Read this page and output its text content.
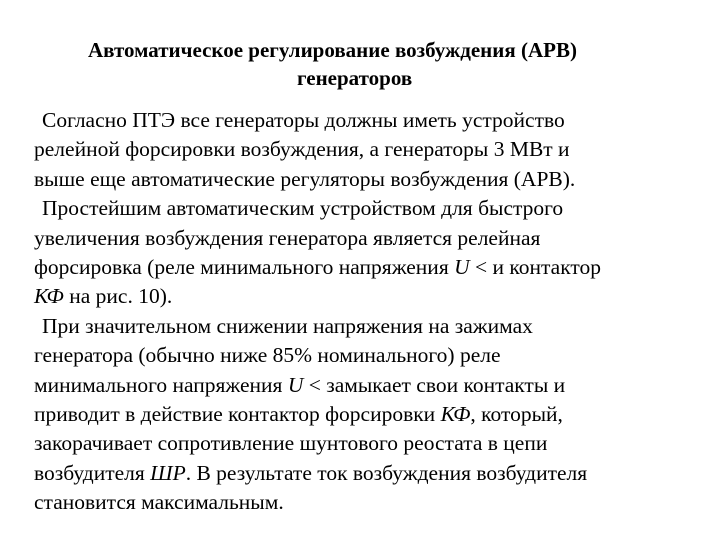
Автоматическое регулирование возбуждения (АРВ)
генераторов
Согласно ПТЭ все генераторы должны иметь устройство
релейной форсировки возбуждения, а генераторы 3 МВт и
выше еще автоматические регуляторы возбуждения (АРВ).
Простейшим автоматическим устройством для быстрого
увеличения возбуждения генератора является релейная
форсировка (реле минимального напряжения U < и контактор
КФ на рис. 10).
При значительном снижении напряжения на зажимах
генератора (обычно ниже 85% номинального) реле
минимального напряжения U < замыкает свои контакты и
приводит в действие контактор форсировки КФ, который,
закорачивает сопротивление шунтового реостата в цепи
возбудителя ШР. В результате ток возбуждения возбудителя
становится максимальным.
